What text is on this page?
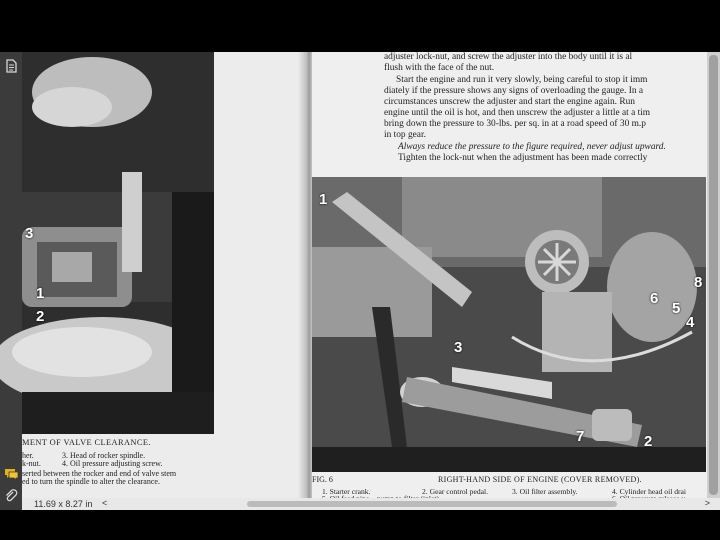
3
1
2
MENT OF VALVE CLEARANCE.
her.	3. Head of rocker spindle.
k-nut.	4. Oil pressure adjusting screw.
serted between the rocker and end of valve stem
ed to turn the spindle to alter the clearance.
adjuster lock-nut, and screw the adjuster into the body until it is al
flush with the face of the nut.
Start the engine and run it very slowly, being careful to stop it imm
diately if the pressure shows any signs of overloading the gauge. In a
circumstances unscrew the adjuster and start the engine again. Run
engine until the oil is hot, and then unscrew the adjuster a little at a tim
bring down the pressure to 30-lbs. per sq. in at a road speed of 30 m.p
in top gear.
Always reduce the pressure to the figure required, never adjust upward.
Tighten the lock-nut when the adjustment has been made correctly
1
8
6
5
4
3
7	2
FIG. 6	RIGHT-HAND SIDE OF ENGINE (COVER REMOVED).
1. Starter crank.	2. Gear control pedal.	3. Oil filter assembly.	4. Cylinder head oil drai
11.69 x 8.27 in <	>
